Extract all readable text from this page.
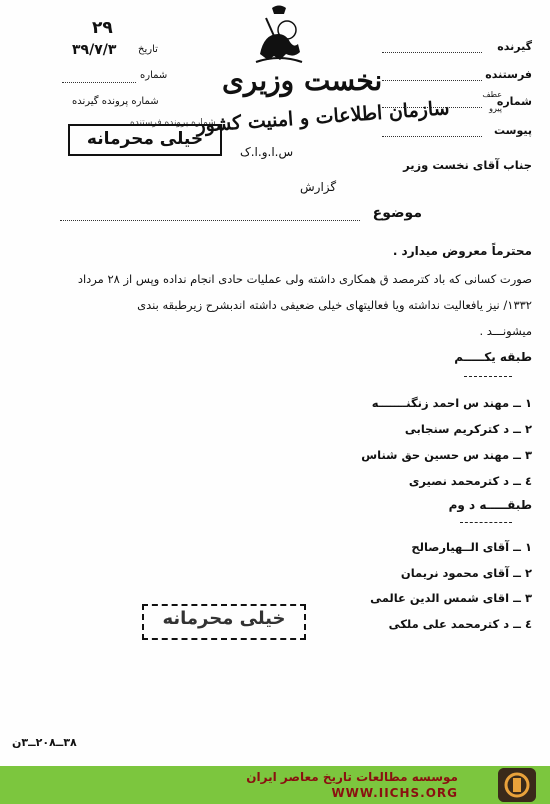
نخست وزیری
سازمان اطلاعات و امنیت کشور
س.ا.و.ا.ک
گزارش
گیرنده
فرستنده
شماره
عطف
پیرو
پیوست
۲۹
۳۹/۷/۳ تاریخ
شماره
شماره پرونده گیرنده
شماره پرونده فرستنده
خیلی محرمانه
جناب آقای نخست وزیر
موضوع
محترماً معروض میدارد .
صورت کسانی که باد کترمصد ق همکاری داشته ولی عملیات حادی انجام نداده وپس از ۲۸ مرداد
۱۳۳۲/ نیز یافعالیت نداشته ویا فعالیتهای خیلی ضعیفی داشته اندبشرح زیرطبقه بندی
میشونـــد .
طبقه یکـــــم
۱ ــ مهند س احمد زنگنـــــــه
۲ ــ د کترکریم سنجابی
۳ ــ مهند س حسین حق شناس
٤ ــ د کترمحمد نصیری
طبقـــــه د وم
۱ ــ آقای الــهیارصالح
۲ ــ آقای محمود نریمان
۳ ــ اقای شمس الدین عالمی
٤ ــ د کترمحمد علی ملکی
خیلی محرمانه
۳۸ــ۲۰۸ــ۳ن
موسسه مطالعات تاریخ معاصر ایران
WWW.IICHS.ORG
